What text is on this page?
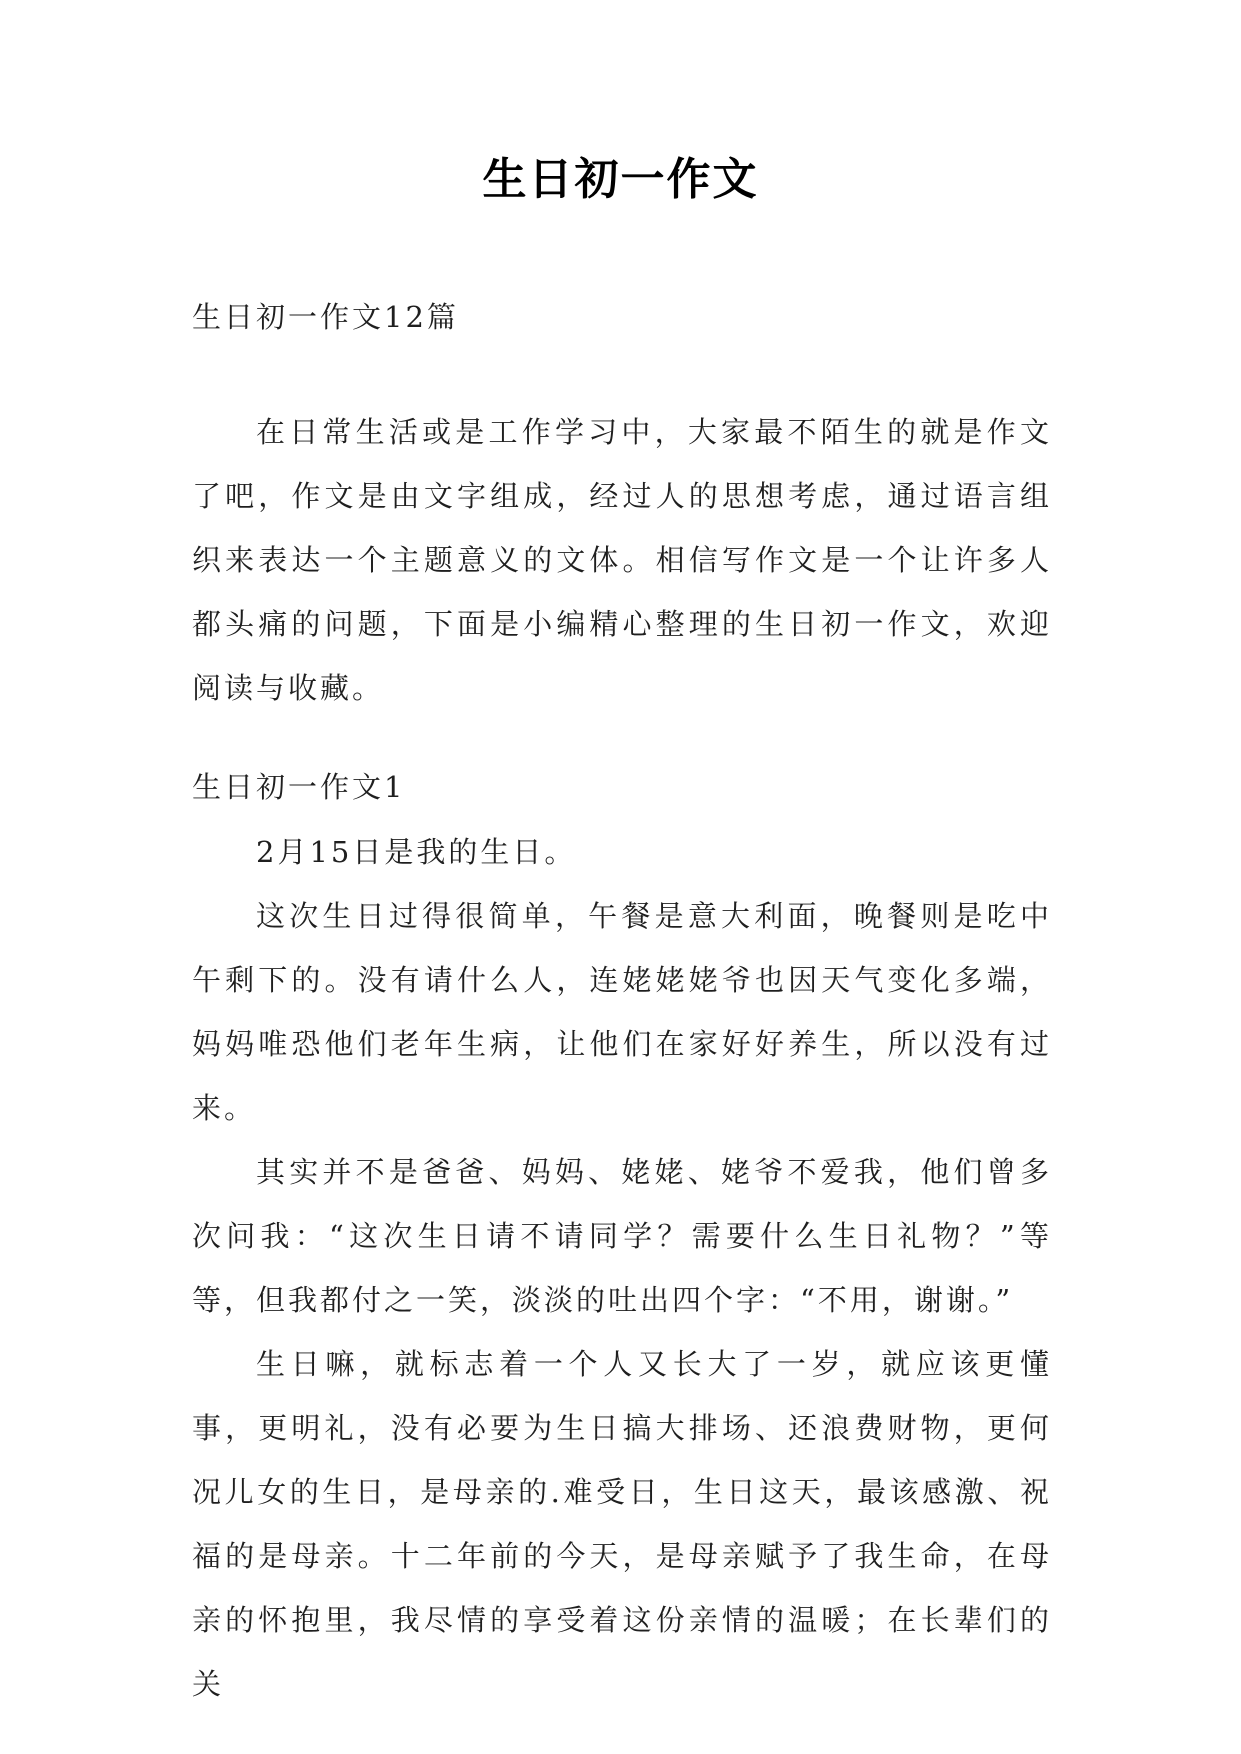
生日初一作文
生日初一作文12篇
在日常生活或是工作学习中，大家最不陌生的就是作文了吧，作文是由文字组成，经过人的思想考虑，通过语言组织来表达一个主题意义的文体。相信写作文是一个让许多人都头痛的问题，下面是小编精心整理的生日初一作文，欢迎阅读与收藏。
生日初一作文1

2月15日是我的生日。

这次生日过得很简单，午餐是意大利面，晚餐则是吃中午剩下的。没有请什么人，连姥姥姥爷也因天气变化多端，妈妈唯恐他们老年生病，让他们在家好好养生，所以没有过来。

其实并不是爸爸、妈妈、姥姥、姥爷不爱我，他们曾多次问我：“这次生日请不请同学？需要什么生日礼物？”等等，但我都付之一笑，淡淡的吐出四个字：“不用，谢谢。”

生日嘛，就标志着一个人又长大了一岁，就应该更懂事，更明礼，没有必要为生日搞大排场、还浪费财物，更何况儿女的生日，是母亲的.难受日，生日这天，最该感激、祝福的是母亲。十二年前的今天，是母亲赋予了我生命，在母亲的怀抱里，我尽情的享受着这份亲情的温暖；在长辈们的关
